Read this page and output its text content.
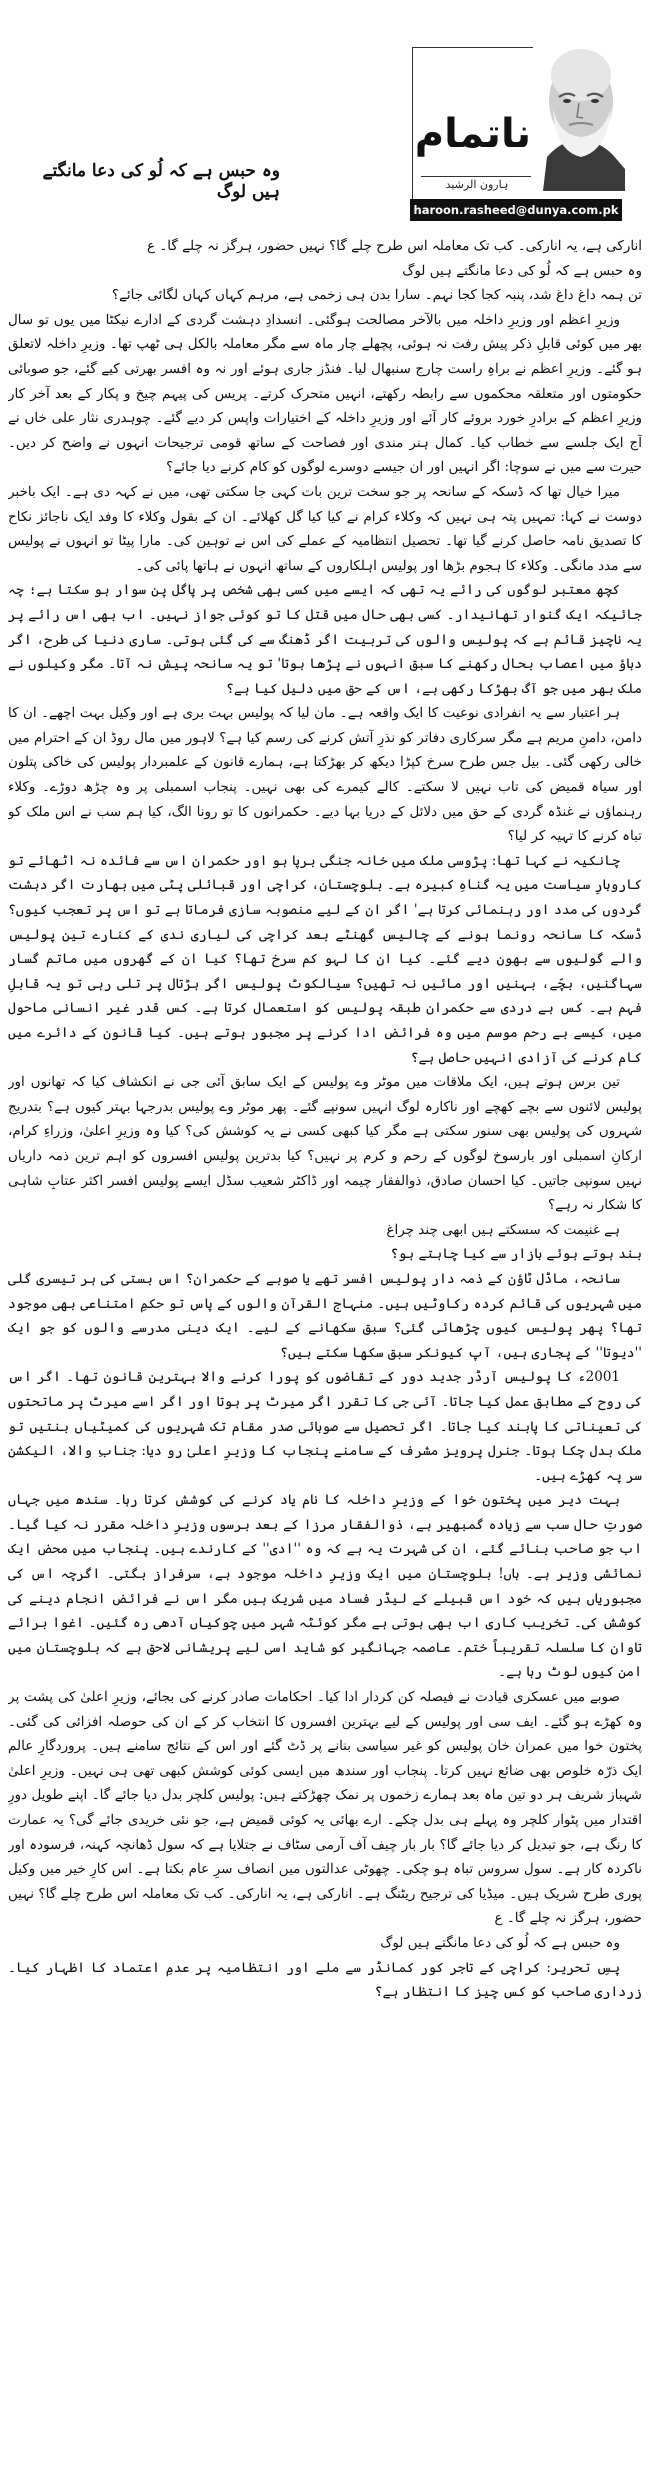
ناتمام
ہارون الرشید
haroon.rasheed@dunya.com.pk
وہ حبس ہے کہ لُو کی دعا مانگتے ہیں لوگ

انارکی ہے، یہ انارکی۔ کب تک معاملہ اس طرح چلے گا؟ نہیں حضور، ہرگز نہ چلے گا۔ ع

وہ حبس ہے کہ لُو کی دعا مانگتے ہیں لوگ

تن ہمہ داغ داغ شد، پنبہ کجا کجا نہم۔ سارا بدن ہی زخمی ہے، مرہم کہاں کہاں لگائی جائے؟

وزیرِ اعظم اور وزیرِ داخلہ میں بالآخر مصالحت ہوگئی۔ انسدادِ دہشت گردی کے ادارے نیکٹا میں یوں تو سال بھر میں کوئی قابلِ ذکر پیش رفت نہ ہوئی، پچھلے چار ماہ سے مگر معاملہ بالکل ہی ٹھپ تھا۔ وزیرِ داخلہ لاتعلق ہو گئے۔ وزیرِ اعظم نے براہِ راست چارج سنبھال لیا۔ فنڈز جاری ہوئے اور نہ وہ افسر بھرتی کیے گئے، جو صوبائی حکومتوں اور متعلقہ محکموں سے رابطہ رکھتے، انہیں متحرک کرتے۔ پریس کی پیہم چیخ و پکار کے بعد آخر کار وزیرِ اعظم کے برادرِ خورد بروئے کار آئے اور وزیرِ داخلہ کے اختیارات واپس کر دیے گئے۔ چوہدری نثار علی خاں نے آج ایک جلسے سے خطاب کیا۔ کمال ہنر مندی اور فصاحت کے ساتھ قومی ترجیحات انہوں نے واضح کر دیں۔ حیرت سے میں نے سوچا: اگر انہیں اور ان جیسے دوسرے لوگوں کو کام کرنے دیا جائے؟

میرا خیال تھا کہ ڈسکہ کے سانحہ پر جو سخت ترین بات کہی جا سکتی تھی، میں نے کہہ دی ہے۔ ایک باخبر دوست نے کہا: تمہیں پتہ ہی نہیں کہ وکلاء کرام نے کیا کیا گل کھلائے۔ ان کے بقول وکلاء کا وفد ایک ناجائز نکاح کا تصدیق نامہ حاصل کرنے گیا تھا۔ تحصیل انتظامیہ کے عملے کی اس نے توہین کی۔ مارا پیٹا تو انہوں نے پولیس سے مدد مانگی۔ وکلاء کا ہجوم بڑھا اور پولیس اہلکاروں کے ساتھ انہوں نے ہاتھا پائی کی۔

کچھ معتبر لوگوں کی رائے یہ تھی کہ ایسے میں کسی بھی شخص پر پاگل پن سوار ہو سکتا ہے؛ چہ جائیکہ ایک گنوار تھانیدار۔ کسی بھی حال میں قتل کا تو کوئی جواز نہیں۔ اب بھی اس رائے پر یہ ناچیز قائم ہے کہ پولیس والوں کی تربیت اگر ڈھنگ سے کی گئی ہوتی۔ ساری دنیا کی طرح، اگر دباؤ میں اعصاب بحال رکھنے کا سبق انہوں نے پڑھا ہوتا' تو یہ سانحہ پیش نہ آتا۔ مگر وکیلوں نے ملک بھر میں جو آگ بھڑکا رکھی ہے، اس کے حق میں دلیل کیا ہے؟

ہر اعتبار سے یہ انفرادی نوعیت کا ایک واقعہ ہے۔ مان لیا کہ پولیس بہت بری ہے اور وکیل بہت اچھے۔ ان کا دامن، دامنِ مریم ہے مگر سرکاری دفاتر کو نذرِ آتش کرنے کی رسم کیا ہے؟ لاہور میں مال روڈ ان کے احترام میں خالی رکھی گئی۔ بیل جس طرح سرخ کپڑا دیکھ کر بھڑکتا ہے، ہمارے قانون کے علمبردار پولیس کی خاکی پتلون اور سیاہ قمیض کی تاب نہیں لا سکتے۔ کالے کیمرے کی بھی نہیں۔ پنجاب اسمبلی پر وہ چڑھ دوڑے۔ وکلاء رہنماؤں نے غنڈہ گردی کے حق میں دلائل کے دریا بہا دیے۔ حکمرانوں کا تو رونا الگ، کیا ہم سب نے اس ملک کو تباہ کرنے کا تہیہ کر لیا؟

چانکیہ نے کہا تھا: پڑوسی ملک میں خانہ جنگی برپا ہو اور حکمران اس سے فائدہ نہ اٹھائے تو کاروبارِ سیاست میں یہ گناہِ کبیرہ ہے۔ بلوچستان، کراچی اور قبائلی پٹی میں بھارت اگر دہشت گردوں کی مدد اور رہنمائی کرتا ہے' اگر ان کے لیے منصوبہ سازی فرماتا ہے تو اس پر تعجب کیوں؟ ڈسکہ کا سانحہ رونما ہونے کے چالیس گھنٹے بعد کراچی کی لیاری ندی کے کنارے تین پولیس والے گولیوں سے بھون دیے گئے۔ کیا ان کا لہو کم سرخ تھا؟ کیا ان کے گھروں میں ماتم گسار سہاگنیں، بچّے، بہنیں اور مائیں نہ تھیں؟ سیالکوٹ پولیس اگر ہڑتال پر تلی رہی تو یہ قابلِ فہم ہے۔ کس بے دردی سے حکمران طبقہ پولیس کو استعمال کرتا ہے۔ کس قدر غیر انسانی ماحول میں، کیسے بے رحم موسم میں وہ فرائض ادا کرنے پر مجبور ہوتے ہیں۔ کیا قانون کے دائرے میں کام کرنے کی آزادی انہیں حاصل ہے؟

تین برس ہوتے ہیں، ایک ملاقات میں موٹر وے پولیس کے ایک سابق آئی جی نے انکشاف کیا کہ تھانوں اور پولیس لائنوں سے بچے کھچے اور ناکارہ لوگ انہیں سونپے گئے۔ پھر موٹر وے پولیس بدرجہا بہتر کیوں ہے؟ بتدریج شہروں کی پولیس بھی سنور سکتی ہے مگر کیا کبھی کسی نے یہ کوشش کی؟ کیا وہ وزیرِ اعلیٰ، وزراءِ کرام، ارکانِ اسمبلی اور بارسوخ لوگوں کے رحم و کرم پر نہیں؟ کیا بدترین پولیس افسروں کو اہم ترین ذمہ داریاں نہیں سونپی جاتیں۔ کیا احسان صادق، ذوالفقار چیمہ اور ڈاکٹر شعیب سڈل ایسے پولیس افسر اکثر عتابِ شاہی کا شکار نہ رہے؟

ہے غنیمت کہ سسکتے ہیں ابھی چند چراغ

بند ہوتے ہوئے بازار سے کیا چاہتے ہو؟

سانحہ، ماڈل ٹاؤن کے ذمہ دار پولیس افسر تھے یا صوبے کے حکمران؟ اس بستی کی ہر تیسری گلی میں شہریوں کی قائم کردہ رکاوٹیں ہیں۔ منہاج القرآن والوں کے پاس تو حکمِ امتناعی بھی موجود تھا؟ پھر پولیس کیوں چڑھائی گئی؟ سبق سکھانے کے لیے۔ ایک دینی مدرسے والوں کو جو ایک ''دیوتا'' کے پجاری ہیں، آپ کیونکر سبق سکھا سکتے ہیں؟

2001ء کا پولیس آرڈر جدید دور کے تقاضوں کو پورا کرنے والا بہترین قانون تھا۔ اگر اس کی روح کے مطابق عمل کیا جاتا۔ آئی جی کا تقرر اگر میرٹ پر ہوتا اور اگر اسے میرٹ پر ماتحتوں کی تعیناتی کا پابند کیا جاتا۔ اگر تحصیل سے صوبائی صدر مقام تک شہریوں کی کمیٹیاں بنتیں تو ملک بدل چکا ہوتا۔ جنرل پرویز مشرف کے سامنے پنجاب کا وزیرِ اعلیٰ رو دیا: جنابِ والا، الیکشن سر پہ کھڑے ہیں۔

بہت دیر میں پختون خوا کے وزیرِ داخلہ کا نام یاد کرنے کی کوشش کرتا رہا۔ سندھ میں جہاں صورتِ حال سب سے زیادہ گمبھیر ہے، ذوالفقار مرزا کے بعد برسوں وزیرِ داخلہ مقرر نہ کیا گیا۔ اب جو صاحب بنائے گئے، ان کی شہرت یہ ہے کہ وہ ''ادی'' کے کارندے ہیں۔ پنجاب میں محض ایک نمائشی وزیر ہے۔ ہاں! بلوچستان میں ایک وزیرِ داخلہ موجود ہے، سرفراز بگتی۔ اگرچہ اس کی مجبوریاں ہیں کہ خود اس قبیلے کے لیڈر فساد میں شریک ہیں مگر اس نے فرائض انجام دینے کی کوشش کی۔ تخریب کاری اب بھی ہوتی ہے مگر کوئٹہ شہر میں چوکیاں آدھی رہ گئیں۔ اغوا برائے تاوان کا سلسلہ تقریباً ختم۔ عاصمہ جہانگیر کو شاید اسی لیے پریشانی لاحق ہے کہ بلوچستان میں امن کیوں لوٹ رہا ہے۔

صوبے میں عسکری قیادت نے فیصلہ کن کردار ادا کیا۔ احکامات صادر کرنے کی بجائے، وزیرِ اعلیٰ کی پشت پر وہ کھڑے ہو گئے۔ ایف سی اور پولیس کے لیے بہترین افسروں کا انتخاب کر کے ان کی حوصلہ افزائی کی گئی۔ پختون خوا میں عمران خان پولیس کو غیر سیاسی بنانے پر ڈٹ گئے اور اس کے نتائج سامنے ہیں۔ پروردگارِ عالم ایک ذرّہ خلوص بھی ضائع نہیں کرتا۔ پنجاب اور سندھ میں ایسی کوئی کوشش کبھی تھی ہی نہیں۔ وزیرِ اعلیٰ شہباز شریف ہر دو تین ماہ بعد ہمارے زخموں پر نمک چھڑکتے ہیں: پولیس کلچر بدل دیا جائے گا۔ اپنے طویل دورِ اقتدار میں پٹوار کلچر وہ پہلے ہی بدل چکے۔ ارے بھائی یہ کوئی قمیض ہے، جو نئی خریدی جائے گی؟ یہ عمارت کا رنگ ہے، جو تبدیل کر دیا جائے گا؟ بار بار چیف آف آرمی سٹاف نے جتلایا ہے کہ سول ڈھانچہ کہنہ، فرسودہ اور ناکردہ کار ہے۔ سول سروس تباہ ہو چکی۔ چھوٹی عدالتوں میں انصاف سرِ عام بکتا ہے۔ اس کارِ خیر میں وکیل پوری طرح شریک ہیں۔ میڈیا کی ترجیح ریٹنگ ہے۔ انارکی ہے، یہ انارکی۔ کب تک معاملہ اس طرح چلے گا؟ نہیں حضور، ہرگز نہ چلے گا۔ ع

وہ حبس ہے کہ لُو کی دعا مانگتے ہیں لوگ

پسِ تحریر: کراچی کے تاجر کور کمانڈر سے ملے اور انتظامیہ پر عدمِ اعتماد کا اظہار کیا۔ زرداری صاحب کو کس چیز کا انتظار ہے؟
